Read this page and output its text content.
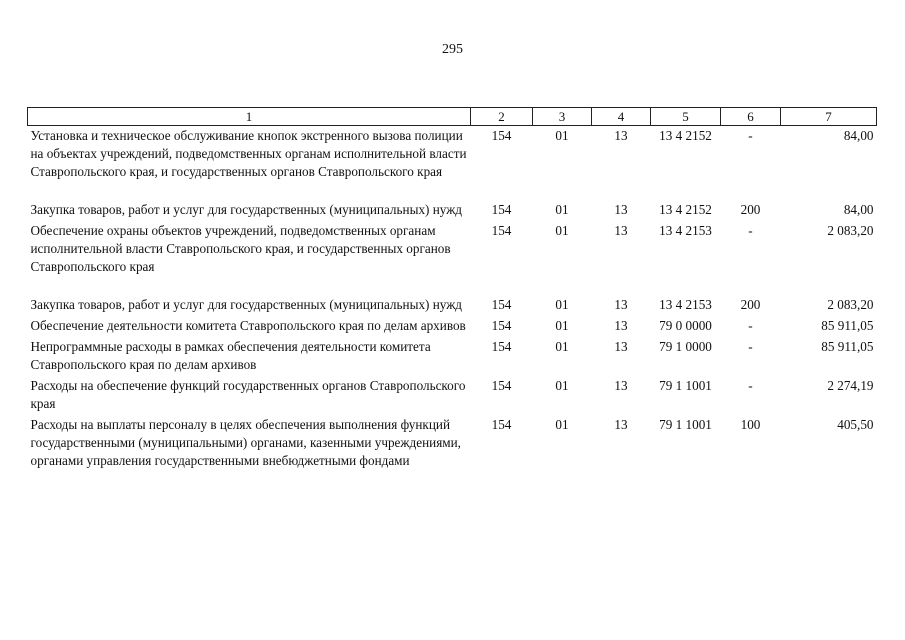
295
1	2	3	4	5	6	7
Установка и техническое обслуживание кнопок экстренного вызова полиции на объектах учреждений, подведомственных органам исполнительной власти Ставропольского края, и государственных органов Ставропольского края	154	01	13	13 4 2152	-	84,00
Закупка товаров, работ и услуг для государственных (муниципальных) нужд	154	01	13	13 4 2152	200	84,00
Обеспечение охраны объектов учреждений, подведомственных органам исполнительной власти Ставропольского края, и государственных органов Ставропольского края	154	01	13	13 4 2153	-	2 083,20
Закупка товаров, работ и услуг для государственных (муниципальных) нужд	154	01	13	13 4 2153	200	2 083,20
Обеспечение деятельности комитета Ставропольского края по делам архивов	154	01	13	79 0 0000	-	85 911,05
Непрограммные расходы в рамках обеспечения деятельности комитета Ставропольского края по делам архивов	154	01	13	79 1 0000	-	85 911,05
Расходы на обеспечение функций государственных органов Ставропольского края	154	01	13	79 1 1001	-	2 274,19
Расходы на выплаты персоналу в целях обеспечения выполнения функций государственными (муниципальными) органами, казенными учреждениями, органами управления государственными внебюджетными фондами	154	01	13	79 1 1001	100	405,50
